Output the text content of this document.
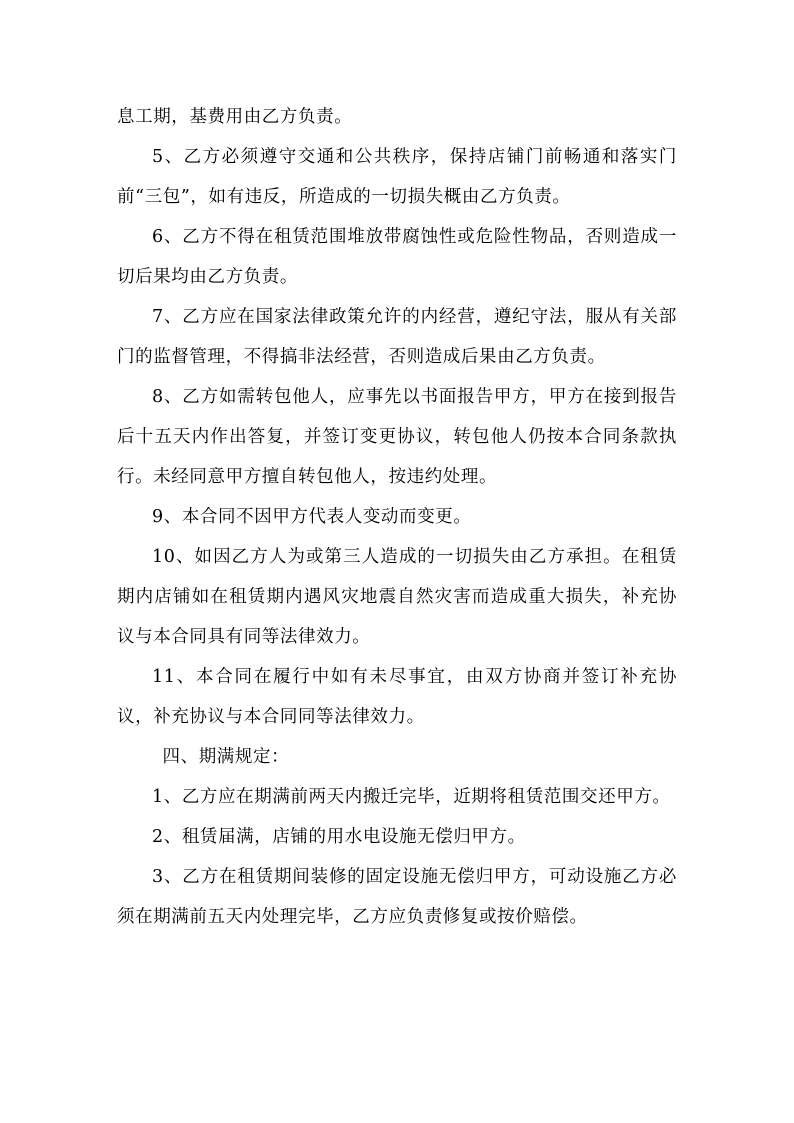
息工期，基费用由乙方负责。

5、乙方必须遵守交通和公共秩序，保持店铺门前畅通和落实门前“三包”，如有违反，所造成的一切损失概由乙方负责。

6、乙方不得在租赁范围堆放带腐蚀性或危险性物品，否则造成一切后果均由乙方负责。

7、乙方应在国家法律政策允许的内经营，遵纪守法，服从有关部门的监督管理，不得搞非法经营，否则造成后果由乙方负责。

8、乙方如需转包他人，应事先以书面报告甲方，甲方在接到报告后十五天内作出答复，并签订变更协议，转包他人仍按本合同条款执行。未经同意甲方擅自转包他人，按违约处理。

9、本合同不因甲方代表人变动而变更。

10、如因乙方人为或第三人造成的一切损失由乙方承担。在租赁期内店铺如在租赁期内遇风灾地震自然灾害而造成重大损失，补充协议与本合同具有同等法律效力。

11、本合同在履行中如有未尽事宜，由双方协商并签订补充协议，补充协议与本合同同等法律效力。

四、期满规定：

1、乙方应在期满前两天内搬迁完毕，近期将租赁范围交还甲方。

2、租赁届满，店铺的用水电设施无偿归甲方。

3、乙方在租赁期间装修的固定设施无偿归甲方，可动设施乙方必须在期满前五天内处理完毕，乙方应负责修复或按价赔偿。
